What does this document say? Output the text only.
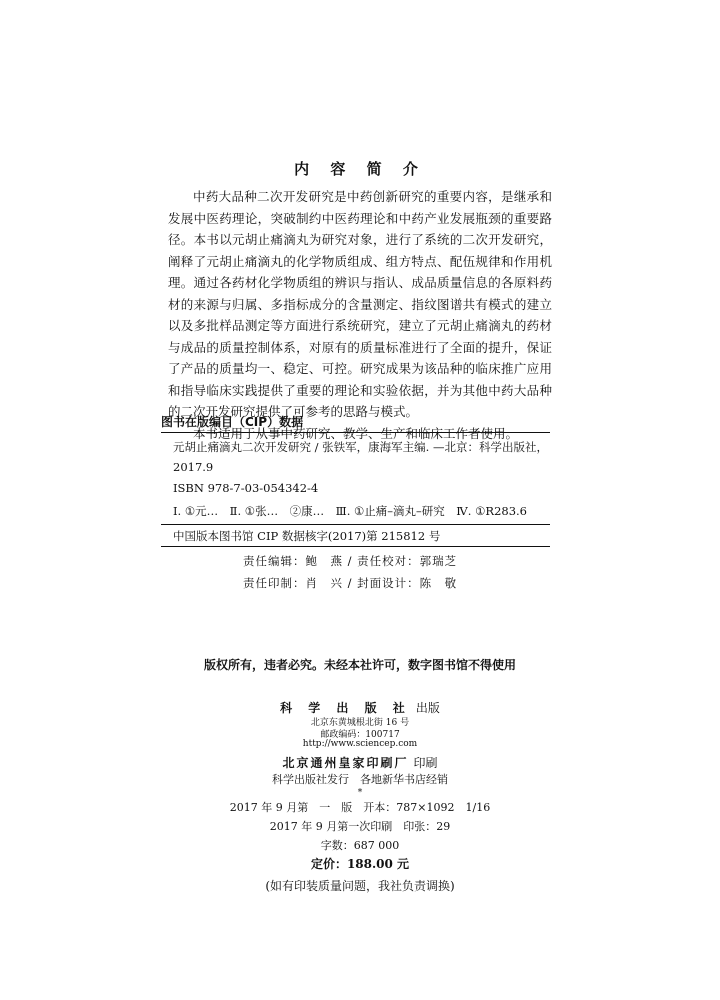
内 容 简 介

中药大品种二次开发研究是中药创新研究的重要内容，是继承和发展中医药理论，突破制约中医药理论和中药产业发展瓶颈的重要路径。本书以元胡止痛滴丸为研究对象，进行了系统的二次开发研究，阐释了元胡止痛滴丸的化学物质组成、组方特点、配伍规律和作用机理。通过各药材化学物质组的辨识与指认、成品质量信息的各原料药材的来源与归属、多指标成分的含量测定、指纹图谱共有模式的建立以及多批样品测定等方面进行系统研究，建立了元胡止痛滴丸的药材与成品的质量控制体系，对原有的质量标准进行了全面的提升，保证了产品的质量均一、稳定、可控。研究成果为该品种的临床推广应用和指导临床实践提供了重要的理论和实验依据，并为其他中药大品种的二次开发研究提供了可参考的思路与模式。

本书适用于从事中药研究、教学、生产和临床工作者使用。

图书在版编目（CIP）数据
元胡止痛滴丸二次开发研究 / 张铁军，康海军主编. —北京：科学出版社，
2017.9
ISBN 978-7-03-054342-4
Ⅰ. ①元…　Ⅱ. ①张…　②康…　Ⅲ. ①止痛–滴丸–研究　Ⅳ. ①R283.6
中国版本图书馆 CIP 数据核字(2017)第 215812 号
责任编辑：鲍　燕 / 责任校对：郭瑞芝
责任印制：肖　兴 / 封面设计：陈　敬
版权所有，违者必究。未经本社许可，数字图书馆不得使用
科 学 出 版 社 出版
北京东黄城根北街 16 号
邮政编码：100717
http://www.sciencep.com
北京通州皇家印刷厂 印刷
科学出版社发行　各地新华书店经销
*
2017 年 9 月第　一　版　开本：787×1092　1/16
2017 年 9 月第一次印刷　印张：29
字数：687 000
定价：188.00 元
(如有印装质量问题，我社负责调换)
